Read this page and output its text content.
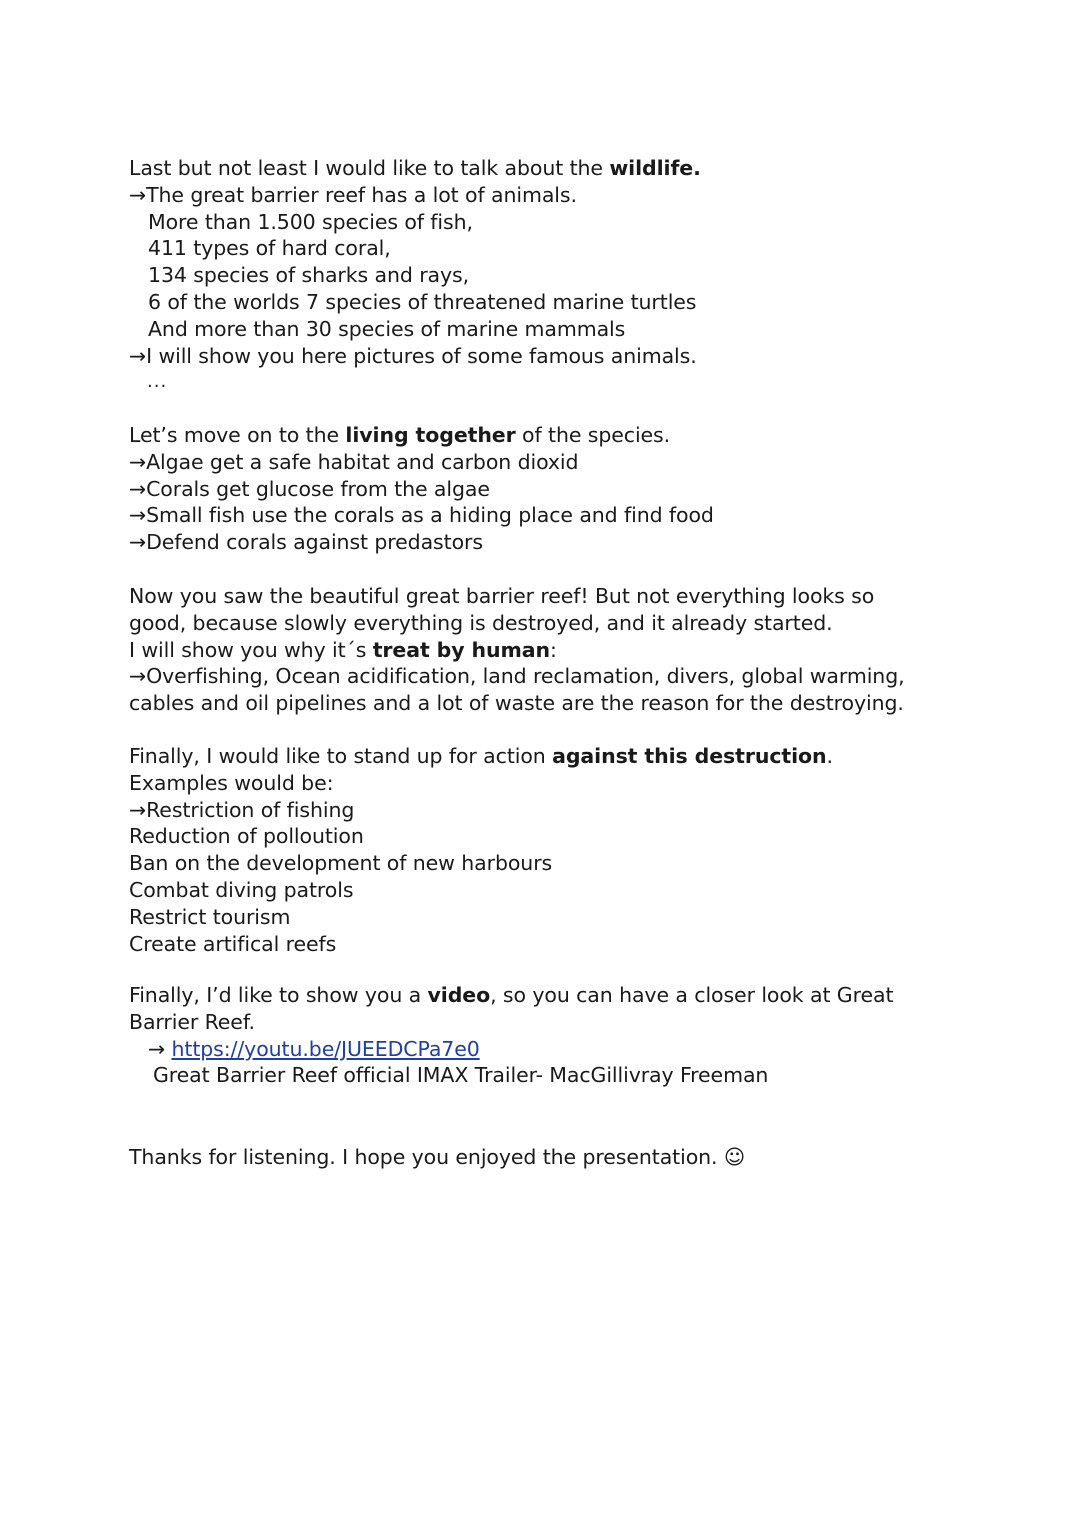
Last but not least I would like to talk about the wildlife.
→The great barrier reef has a lot of animals.
More than 1.500 species of fish,
411 types of hard coral,
134 species of sharks and rays,
6 of the worlds 7 species of threatened marine turtles
And more than 30 species of marine mammals
→I will show you here pictures of some famous animals.
...
Let’s move on to the living together of the species.
→Algae get a safe habitat and carbon dioxid
→Corals get glucose from the algae
→Small fish use the corals as a hiding place and find food
→Defend corals against predastors
Now you saw the beautiful great barrier reef! But not everything looks so
good, because slowly everything is destroyed, and it already started.
I will show you why it´s treat by human:
→Overfishing, Ocean acidification, land reclamation, divers, global warming,
cables and oil pipelines and a lot of waste are the reason for the destroying.
Finally, I would like to stand up for action against this destruction.
Examples would be:
→Restriction of fishing
Reduction of polloution
Ban on the development of new harbours
Combat diving patrols
Restrict tourism
Create artifical reefs
Finally, I’d like to show you a video, so you can have a closer look at Great
Barrier Reef.
→ https://youtu.be/JUEEDCPa7e0
Great Barrier Reef official IMAX Trailer- MacGillivray Freeman
Thanks for listening. I hope you enjoyed the presentation. ☺
